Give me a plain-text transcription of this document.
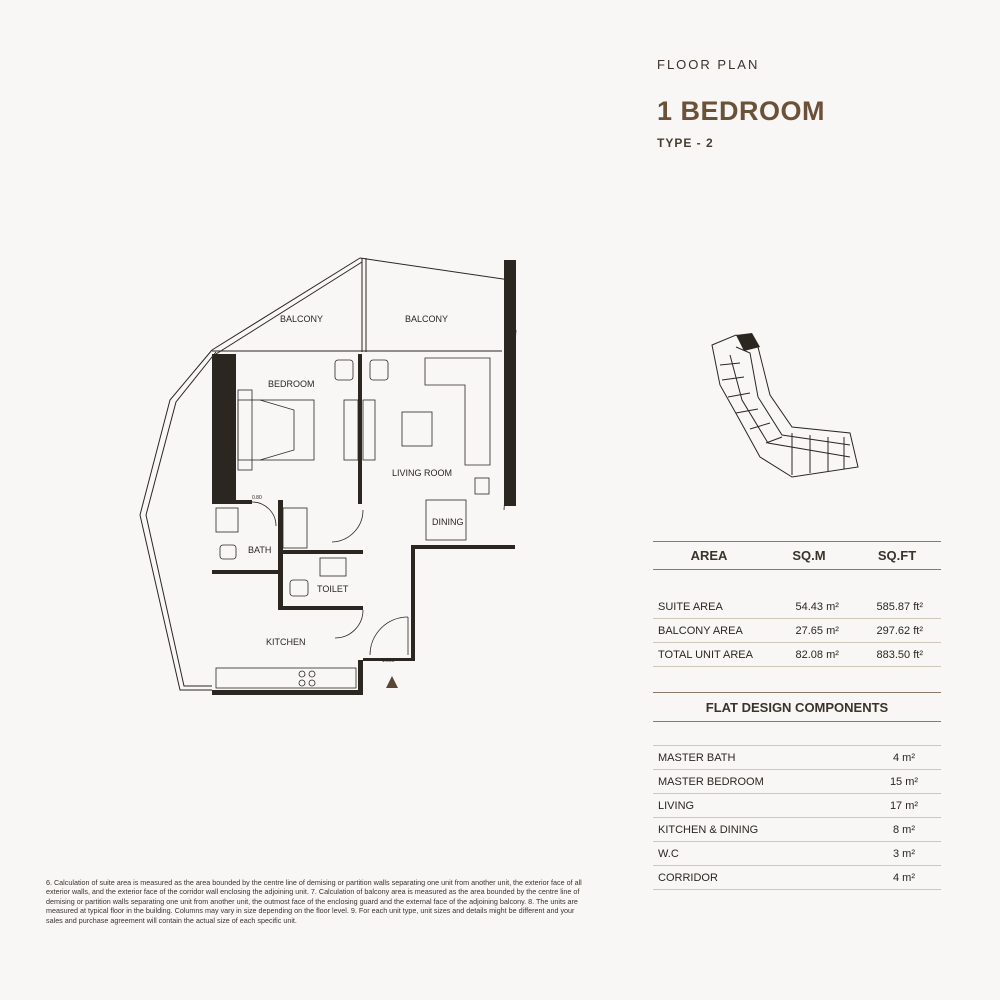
FLOOR PLAN
1 BEDROOM
TYPE - 2
BALCONY	BALCONY
BEDROOM
LIVING ROOM
DINING
BATH
TOILET
KITCHEN
0.80
1.000
AREA	SQ.M	SQ.FT
SUITE AREA	54.43 m²	585.87 ft²
BALCONY AREA	27.65 m²	297.62 ft²
TOTAL UNIT AREA	82.08 m²	883.50 ft²
FLAT DESIGN COMPONENTS
MASTER BATH	4 m²
MASTER BEDROOM	15 m²
LIVING	17 m²
KITCHEN & DINING	8 m²
W.C	3 m²
CORRIDOR	4 m²
6. Calculation of suite area is measured as the area bounded by the centre line of demising or partition walls separating one unit from another unit, the exterior face of all exterior walls, and the exterior face of the corridor wall enclosing the adjoining unit. 7. Calculation of balcony area is measured as the area bounded by the centre line of demising or partition walls separating one unit from another unit, the outmost face of the enclosing guard and the external face of the adjoining balcony. 8. The units are measured at typical floor in the building. Columns may vary in size depending on the floor level. 9. For each unit type, unit sizes and details might be different and your sales and purchase agreement will contain the actual size of each specific unit.
